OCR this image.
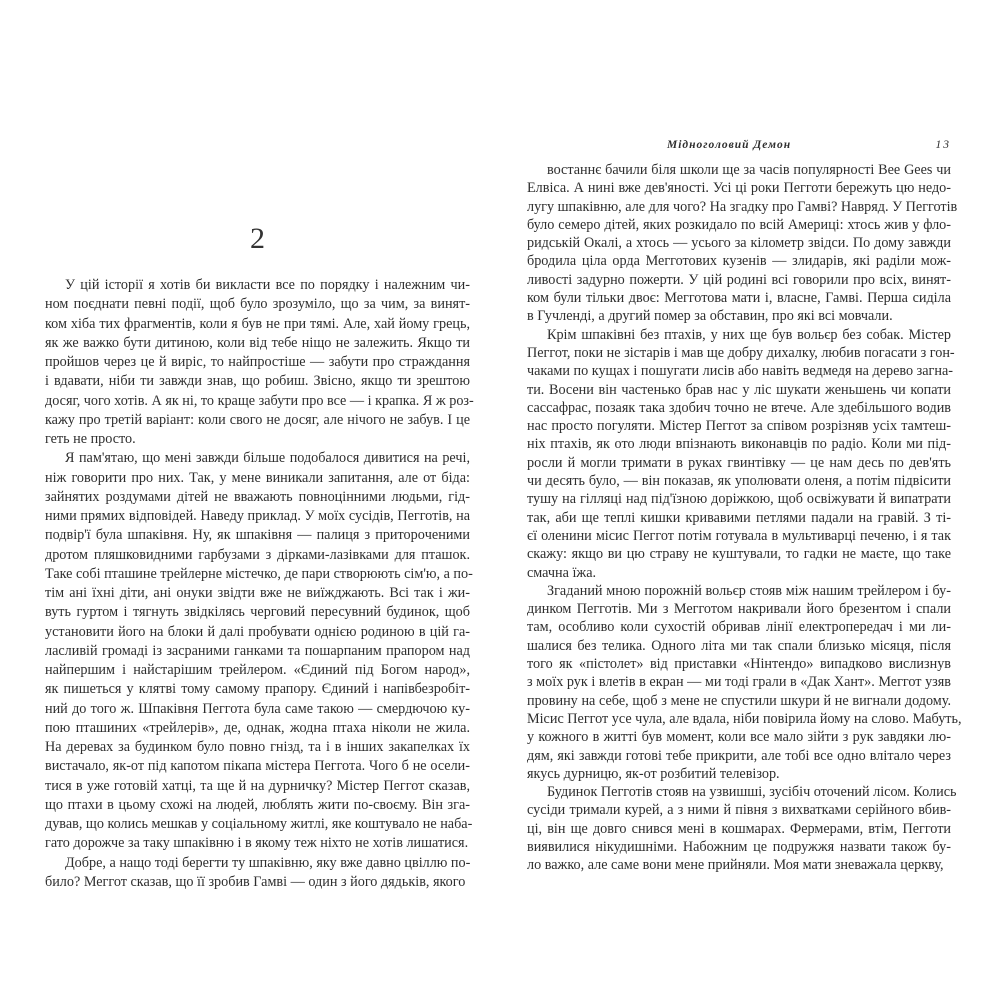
2
У цій історії я хотів би викласти все по порядку і належним чи-
ном поєднати певні події, щоб було зрозуміло, що за чим, за винят-
ком хіба тих фрагментів, коли я був не при тямі. Але, хай йому грець,
як же важко бути дитиною, коли від тебе ніщо не залежить. Якщо ти
пройшов через це й виріс, то найпростіше — забути про страждання
і вдавати, ніби ти завжди знав, що робиш. Звісно, якщо ти зрештою
досяг, чого хотів. А як ні, то краще забути про все — і крапка. Я ж роз-
кажу про третій варіант: коли свого не досяг, але нічого не забув. І це
геть не просто.
Я пам'ятаю, що мені завжди більше подобалося дивитися на речі,
ніж говорити про них. Так, у мене виникали запитання, але от біда:
зайнятих роздумами дітей не вважають повноцінними людьми, гід-
ними прямих відповідей. Наведу приклад. У моїх сусідів, Пегготів, на
подвір'ї була шпаківня. Ну, як шпаківня — палиця з приторoченими
дротом пляшковидними гарбузами з дірками-лазівками для пташок.
Таке собі пташине трейлерне містечко, де пари створюють сім'ю, а по-
тім ані їхні діти, ані онуки звідти вже не виїжджають. Всі так і жи-
вуть гуртом і тягнуть звідкілясь черговий пересувний будинок, щоб
установити його на блоки й далі пробувати однією родиною в цій га-
ласливій громаді із засраними ганками та пошарпаним прапором над
найпершим і найстарішим трейлером. «Єдиний під Богом народ»,
як пишеться у клятві тому самому прапору. Єдиний і напівбезробіт-
ний до того ж. Шпаківня Пеггота була саме такою — смердючою ку-
пою пташиних «трейлерів», де, однак, жодна птаха ніколи не жила.
На деревах за будинком було повно гнізд, та і в інших закапелках їх
вистачало, як-от під капотом пікапа містера Пеггота. Чого б не осели-
тися в уже готовій хатці, та ще й на дурничку? Містер Пеггот сказав,
що птахи в цьому схожі на людей, люблять жити по-своєму. Він зга-
дував, що колись мешкав у соціальному житлі, яке коштувало не наба-
гато дорожче за таку шпаківню і в якому теж ніхто не хотів лишатися.
Добре, а нащо тоді берегти ту шпаківню, яку вже давно цвіллю по-
било? Меггот сказав, що її зробив Гамві — один з його дядьків, якого
Мідноголовий Демон	13
востаннє бачили біля школи ще за часів популярності Bee Gees чи
Елвіса. А нині вже дев'яності. Усі ці роки Пегготи бережуть цю недо-
лугу шпаківню, але для чого? На згадку про Гамві? Навряд. У Пегготів
було семеро дітей, яких розкидало по всій Америці: хтось жив у фло-
ридській Окалі, а хтось — усього за кілометр звідси. По дому завжди
бродила ціла орда Мегготових кузенів — злидарів, які раділи мож-
ливості задурно пожерти. У цій родині всі говорили про всіх, винят-
ком були тільки двоє: Мегготова мати і, власне, Гамві. Перша сиділа
в Гучленді, а другий помер за обставин, про які всі мовчали.
Крім шпаківні без птахів, у них ще був вольєр без собак. Містер
Пеггот, поки не зістарів і мав ще добру дихалку, любив погасати з гон-
чаками по кущах і пошугати лисів або навіть ведмедя на дерево загна-
ти. Восени він частенько брав нас у ліс шукати женьшень чи копати
сассафрас, позаяк така здобич точно не втече. Але здебільшого водив
нас просто погуляти. Містер Пеггот за співом розрізняв усіх тамтеш-
ніх птахів, як ото люди впізнають виконавців по радіо. Коли ми під-
росли й могли тримати в руках гвинтівку — це нам десь по дев'ять
чи десять було, — він показав, як уполювати оленя, а потім підвісити
тушу на гілляці над під'їзною доріжкою, щоб освіжувати й випатрати
так, аби ще теплі кишки кривавими петлями падали на гравій. З ті-
єї оленини місис Пеггот потім готувала в мультиварці печеню, і я так
скажу: якщо ви цю страву не куштували, то гадки не маєте, що таке
смачна їжа.
Згаданий мною порожній вольєр стояв між нашим трейлером і бу-
динком Пегготів. Ми з Мегготом накривали його брезентом і спали
там, особливо коли сухостій обривав лінії електропередач і ми ли-
шалися без телика. Одного літа ми так спали близько місяця, після
того як «пістолет» від приставки «Нінтендо» випадково вислизнув
з моїх рук і влетів в екран — ми тоді грали в «Дак Хант». Меггот узяв
провину на себе, щоб з мене не спустили шкури й не вигнали додому.
Місис Пеггот усе чула, але вдала, ніби повірила йому на слово. Мабуть,
у кожного в житті був момент, коли все мало зійти з рук завдяки лю-
дям, які завжди готові тебе прикрити, але тобі все одно влітало через
якусь дурницю, як-от розбитий телевізор.
Будинок Пегготів стояв на узвишші, зусібіч оточений лісом. Колись
сусіди тримали курей, а з ними й півня з вихватками серійного вбив-
ці, він ще довго снився мені в кошмарах. Фермерами, втім, Пегготи
виявилися нікудишніми. Набожним це подружжя назвати також бу-
ло важко, але саме вони мене прийняли. Моя мати зневажала церкву,
